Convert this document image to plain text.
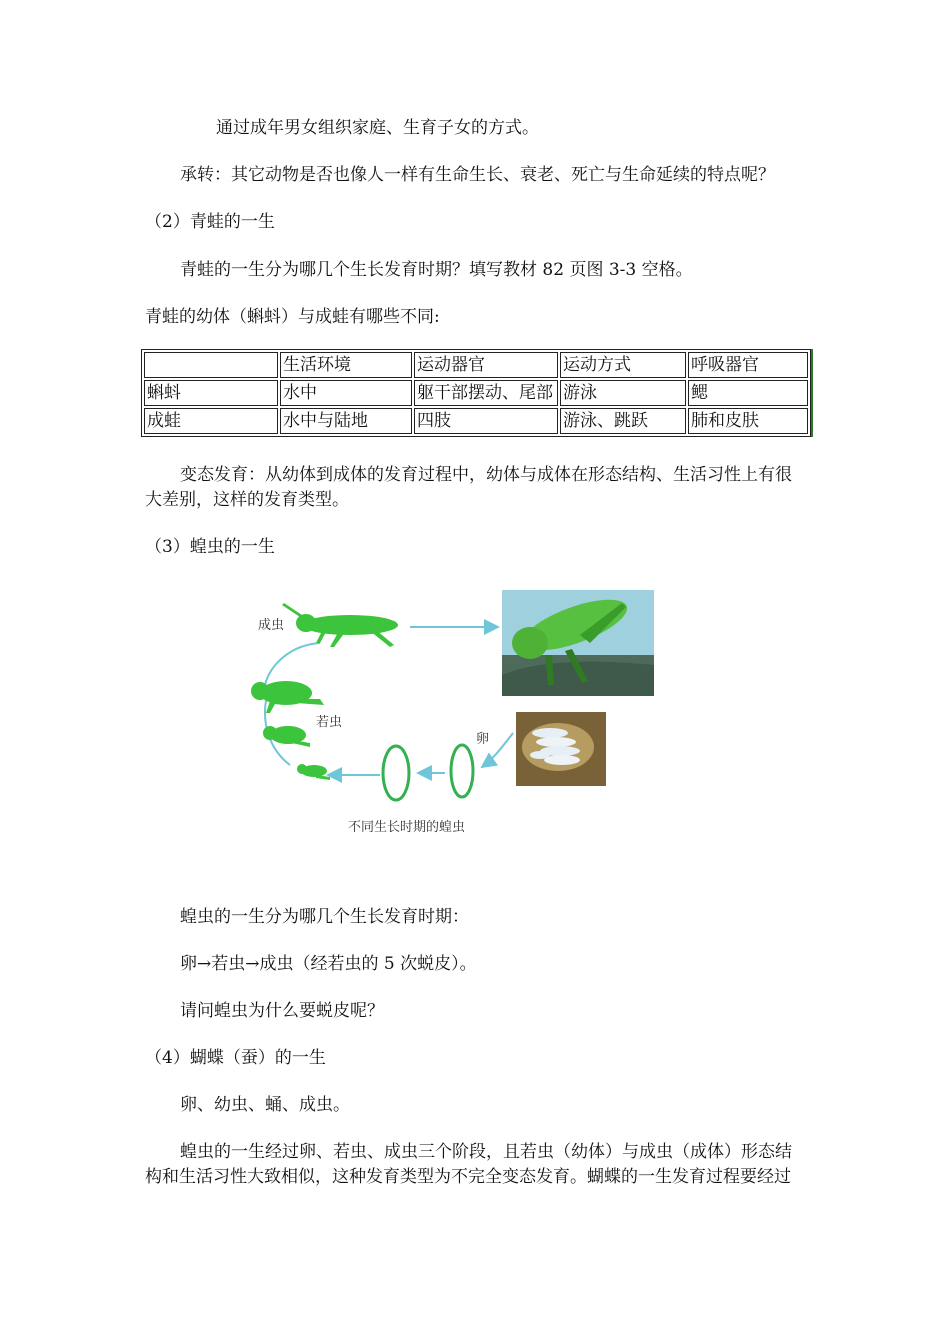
通过成年男女组织家庭、生育子女的方式。
承转：其它动物是否也像人一样有生命生长、衰老、死亡与生命延续的特点呢？
（2）青蛙的一生
青蛙的一生分为哪几个生长发育时期？填写教材 82 页图 3-3 空格。
青蛙的幼体（蝌蚪）与成蛙有哪些不同:
	生活环境	运动器官	运动方式	呼吸器官
蝌蚪	水中	躯干部摆动、尾部	游泳	鳃
成蛙	水中与陆地	四肢	游泳、跳跃	肺和皮肤
变态发育：从幼体到成体的发育过程中，幼体与成体在形态结构、生活习性上有很
大差别，这样的发育类型。
（3）蝗虫的一生
成虫
若虫
卵
不同生长时期的蝗虫
蝗虫的一生分为哪几个生长发育时期：
卵→若虫→成虫（经若虫的 5 次蜕皮）。
请问蝗虫为什么要蜕皮呢？
（4）蝴蝶（蚕）的一生
卵、幼虫、蛹、成虫。
蝗虫的一生经过卵、若虫、成虫三个阶段，且若虫（幼体）与成虫（成体）形态结
构和生活习性大致相似，这种发育类型为不完全变态发育。蝴蝶的一生发育过程要经过
